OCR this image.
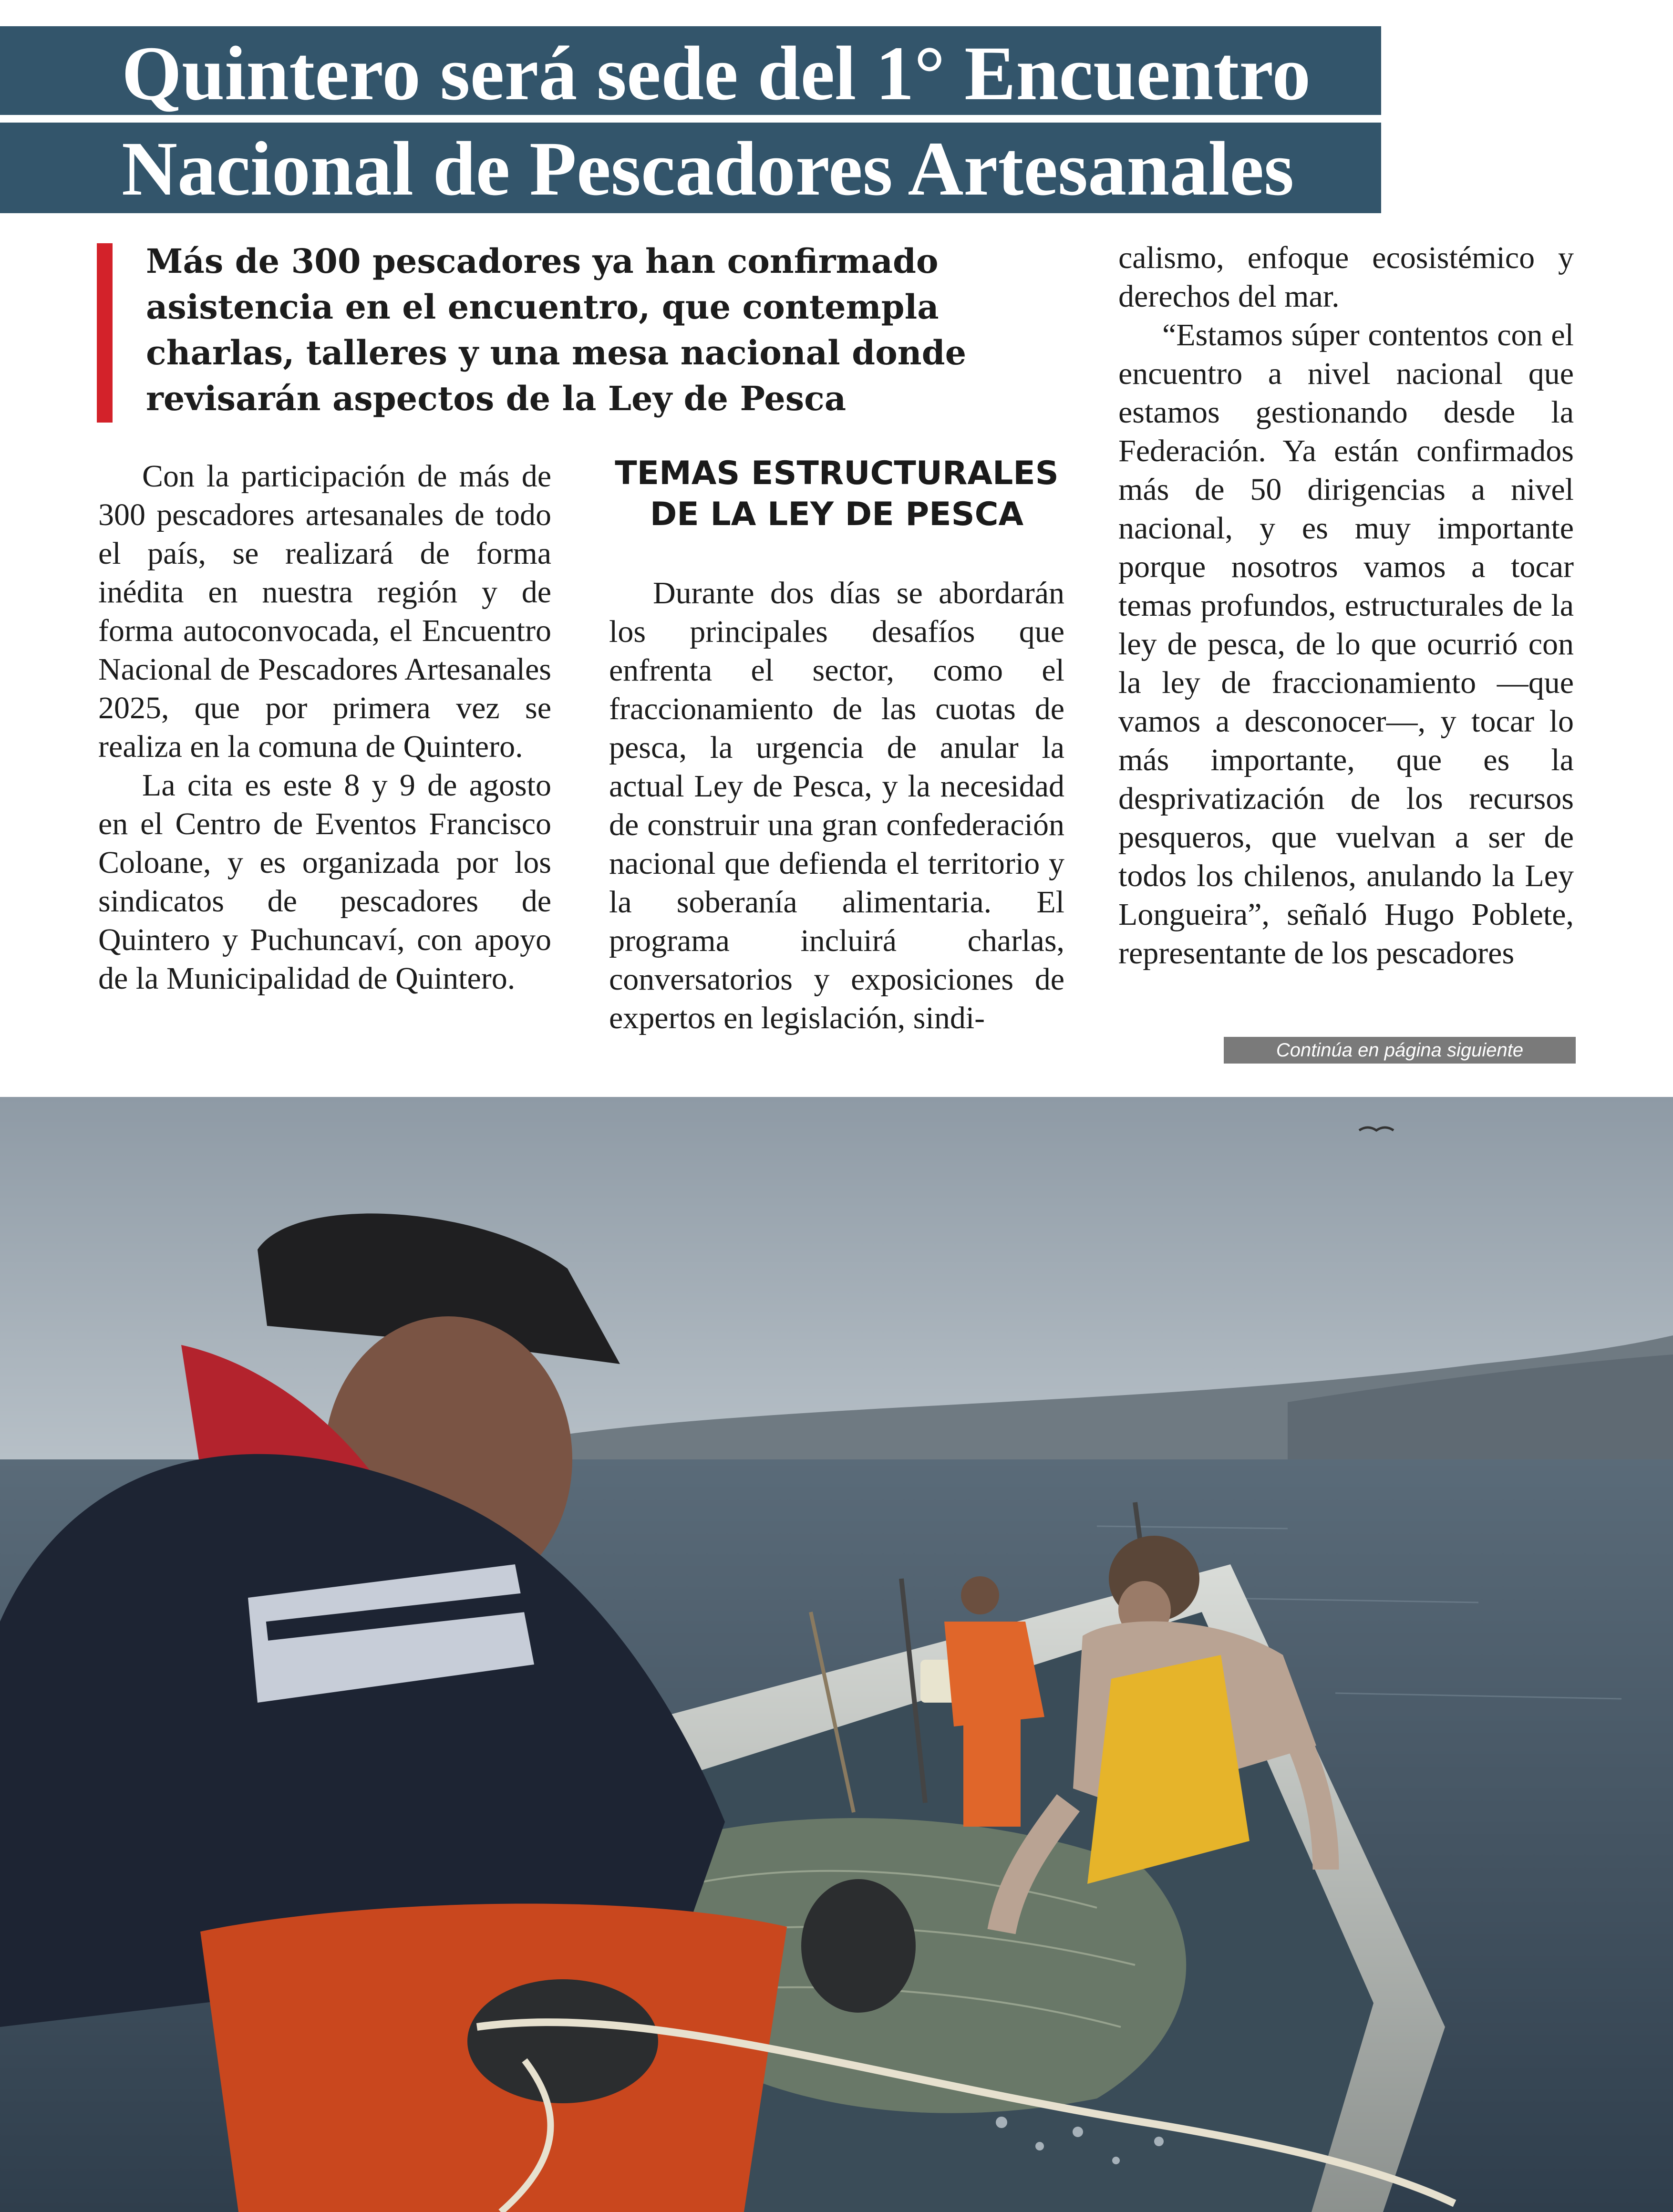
Quintero será sede del 1° Encuentro
Nacional de Pescadores Artesanales

Más de 300 pescadores ya han confirmado asistencia en el encuentro, que contempla charlas, talleres y una mesa nacional donde revisarán aspectos de la Ley de Pesca

Con la participación de más de 300 pescadores artesanales de todo el país, se realizará de forma inédita en nuestra región y de forma autoconvocada, el Encuentro Nacional de Pescadores Artesanales 2025, que por primera vez se realiza en la comuna de Quintero.

La cita es este 8 y 9 de agosto en el Centro de Eventos Francisco Coloane, y es organizada por los sindicatos de pescadores de Quintero y Puchuncaví, con apoyo de la Municipalidad de Quintero.

TEMAS ESTRUCTURALES
DE LA LEY DE PESCA

Durante dos días se abordarán los principales desafíos que enfrenta el sector, como el fraccionamiento de las cuotas de pesca, la urgencia de anular la actual Ley de Pesca, y la necesidad de construir una gran confederación nacional que defienda el territorio y la soberanía alimentaria. El programa incluirá charlas, conversatorios y exposiciones de expertos en legislación, sindi-

calismo, enfoque ecosistémico y derechos del mar.

“Estamos súper contentos con el encuentro a nivel nacional que estamos gestionando desde la Federación. Ya están confirmados más de 50 dirigencias a nivel nacional, y es muy importante porque nosotros vamos a tocar temas profundos, estructurales de la ley de pesca, de lo que ocurrió con la ley de fraccionamiento —que vamos a desconocer—, y tocar lo más importante, que es la desprivatización de los recursos pesqueros, que vuelvan a ser de todos los chilenos, anulando la Ley Longueira”, señaló Hugo Poblete, representante de los pescadores

Continúa en página siguiente
